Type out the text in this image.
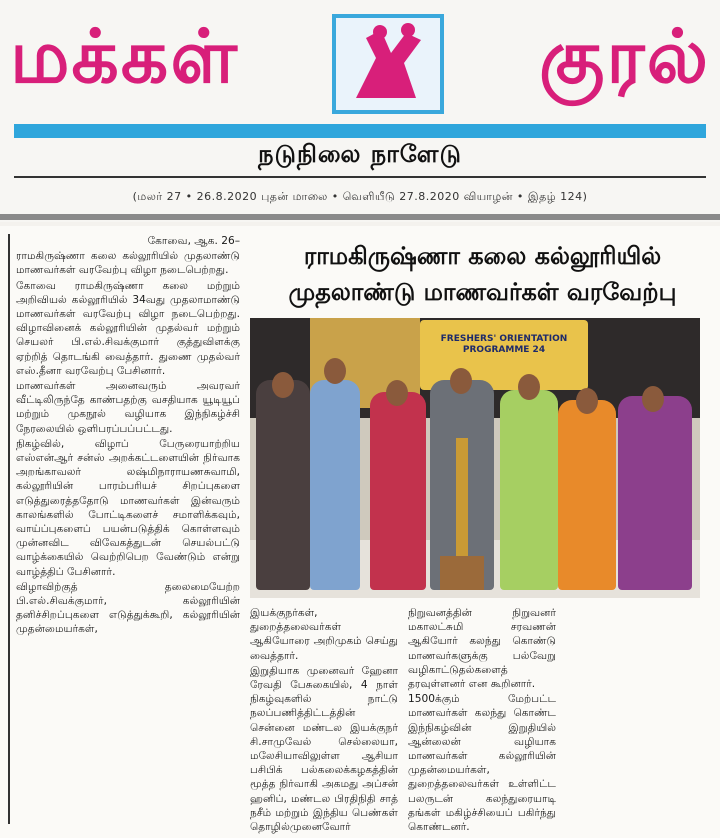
மக்கள்	குரல்
நடுநிலை நாளேடு
(மலர் 27 • 26.8.2020 புதன் மாலை • வெளியீடு 27.8.2020 வியாழன் • இதழ் 124)

கோவை, ஆக. 26–

ராமகிருஷ்ணா கலை கல்லூரியில் முதலாண்டு மாணவர்கள் வரவேற்பு விழா நடைபெற்றது.

கோவை ராமகிருஷ்ணா கலை மற்றும் அறிவியல் கல்லூரியில் 34வது முதலாமாண்டு மாணவர்கள் வரவேற்பு விழா நடைபெற்றது. விழாவினைக் கல்லூரியின் முதல்வர் மற்றும் செயலர் பி.எல்.சிவக்குமார் குத்துவிளக்கு ஏற்றித் தொடங்கி வைத்தார். துணை முதல்வர் எஸ்.தீனா வரவேற்பு பேசினார்.

மாணவர்கள் அனைவரும் அவரவர் வீட்டிலிருந்தே காண்பதற்கு வசதியாக யூடியூப் மற்றும் முகநூல் வழியாக இந்நிகழ்ச்சி நேரலையில் ஒளிபரப்பப்பட்டது.

நிகழ்வில், விழாப் பேருரையாற்றிய எஸ்என்ஆர் சன்ஸ் அறக்கட்டளையின் நிர்வாக அறங்காவலர் லஷ்மிநாராயணசுவாமி, கல்லூரியின் பாரம்பரியச் சிறப்புகளை எடுத்துரைத்ததோடு மாணவர்கள் இன்வரும் காலங்களில் போட்டிகளைச் சமாளிக்கவும், வாய்ப்புகளைப் பயன்படுத்திக் கொள்ளவும் முன்னவிட விவேகத்துடன் செயல்பட்டு வாழ்க்கையில் வெற்றிபெற வேண்டும் என்று வாழ்த்திப் பேசினார்.

விழாவிற்குத் தலைமையேற்ற பி.எல்.சிவக்குமார், கல்லூரியின் தனிச்சிறப்புகளை எடுத்துக்கூறி, கல்லூரியின் முதன்மையர்கள்,

ராமகிருஷ்ணா கலை கல்லூரியில்
முதலாண்டு மாணவர்கள் வரவேற்பு
FRESHERS' ORIENTATION PROGRAMME 24

இயக்குநர்கள், துறைத்தலைவர்கள் ஆகியோரை அறிமுகம் செய்து வைத்தார்.

இறுதியாக முனைவர் ஹேனா ரேவதி பேசுகையில், 4 நாள் நிகழ்வுகளில் நாட்டு நலப்பணித்திட்டத்தின் சென்னை மண்டல இயக்குநர் சி.சாமுவேல் செல்லையா, மலேசியாவிலுள்ள ஆசியா பசிபிக் பல்கலைக்கழகத்தின் மூத்த நிர்வாகி அகமது அப்சன் ஹனிப், மண்டல பிரதிநிதி சாத் நசீம் மற்றும் இந்திய பெண்கள் தொழில்முனைவோர்

நிறுவனத்தின் நிறுவனர் மகாலட்சுமி சரவணன் ஆகியோர் கலந்து கொண்டு மாணவர்களுக்கு பல்வேறு வழிகாட்டுதல்களைத் தரவுள்ளனர் என கூறினார்.

1500க்கும் மேற்பட்ட மாணவர்கள் கலந்து கொண்ட இந்நிகழ்வின் இறுதியில் ஆன்லைன் வழியாக மாணவர்கள் கல்லூரியின் முதன்மையர்கள், துறைத்தலைவர்கள் உள்ளிட்ட பலருடன் கலந்துரையாடி தங்கள் மகிழ்ச்சியைப் பகிர்ந்து கொண்டனர்.
